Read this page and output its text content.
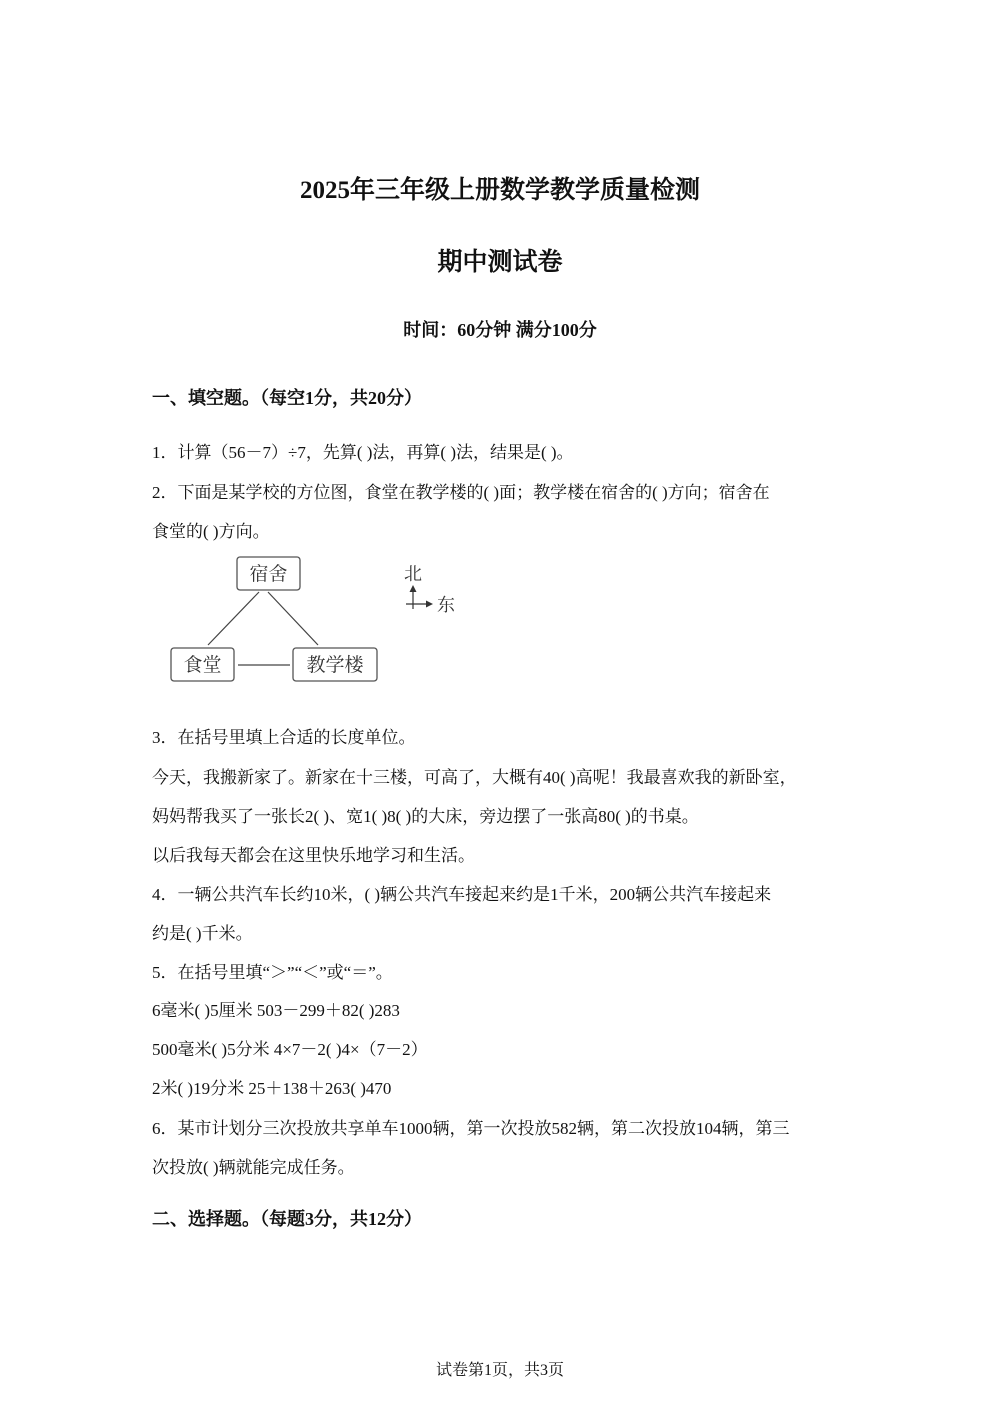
2025年三年级上册数学教学质量检测
期中测试卷
时间：60分钟 满分100分
一、填空题。（每空1分，共20分）
1．计算（56－7）÷7，先算( )法，再算( )法，结果是( )。
2．下面是某学校的方位图，食堂在教学楼的( )面；教学楼在宿舍的( )方向；宿舍在
食堂的( )方向。
宿舍
食堂	教学楼
北
东
3．在括号里填上合适的长度单位。
今天，我搬新家了。新家在十三楼，可高了，大概有40( )高呢！我最喜欢我的新卧室，
妈妈帮我买了一张长2( )、宽1( )8( )的大床，旁边摆了一张高80( )的书桌。
以后我每天都会在这里快乐地学习和生活。
4．一辆公共汽车长约10米，( )辆公共汽车接起来约是1千米，200辆公共汽车接起来
约是( )千米。
5．在括号里填“＞”“＜”或“＝”。
6毫米( )5厘米 503－299＋82( )283
500毫米( )5分米 4×7－2( )4×（7－2）
2米( )19分米 25＋138＋263( )470
6．某市计划分三次投放共享单车1000辆，第一次投放582辆，第二次投放104辆，第三
次投放( )辆就能完成任务。
二、选择题。（每题3分，共12分）
试卷第1页，共3页
